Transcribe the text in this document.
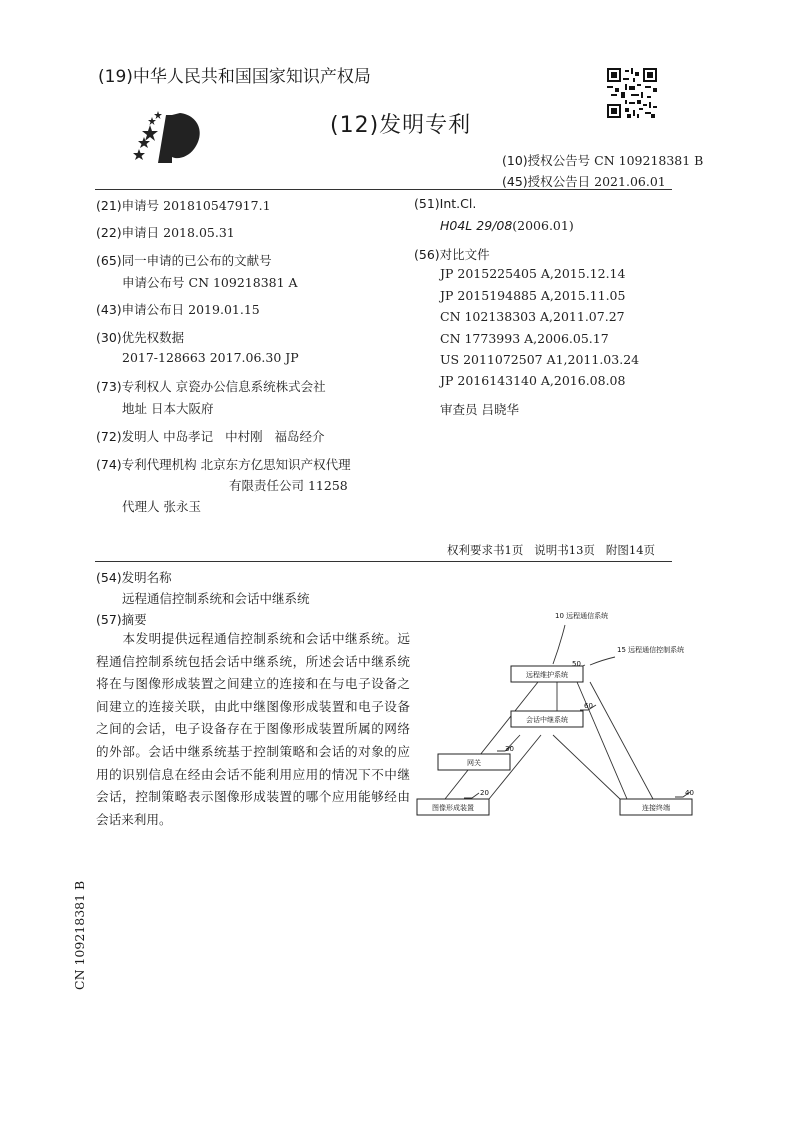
(19)中华人民共和国国家知识产权局
(12)发明专利
(10)授权公告号 CN 109218381 B
(45)授权公告日 2021.06.01
(21)申请号 201810547917.1
(22)申请日 2018.05.31
(65)同一申请的已公布的文献号
申请公布号 CN 109218381 A
(43)申请公布日 2019.01.15
(30)优先权数据
2017-128663 2017.06.30 JP
(73)专利权人 京瓷办公信息系统株式会社
地址 日本大阪府
(72)发明人 中岛孝记   中村刚   福岛经介
(74)专利代理机构 北京东方亿思知识产权代理
有限责任公司 11258
代理人 张永玉
(51)Int.Cl.
H04L 29/08(2006.01)
(56)对比文件
JP 2015225405 A,2015.12.14
JP 2015194885 A,2015.11.05
CN 102138303 A,2011.07.27
CN 1773993 A,2006.05.17
US 2011072507 A1,2011.03.24
JP 2016143140 A,2016.08.08
审查员 吕晓华
权利要求书1页   说明书13页   附图14页
(54)发明名称
远程通信控制系统和会话中继系统
(57)摘要
本发明提供远程通信控制系统和会话中继系统。远程通信控制系统包括会话中继系统，所述会话中继系统将在与图像形成装置之间建立的连接和在与电子设备之间建立的连接关联，由此中继图像形成装置和电子设备之间的会话，电子设备存在于图像形成装置所属的网络的外部。会话中继系统基于控制策略和会话的对象的应用的识别信息在经由会话不能利用应用的情况下不中继会话，控制策略表示图像形成装置的哪个应用能够经由会话来利用。
10 远程通信系统
15 远程通信控制系统
50
远程维护系统
60
会话中继系统
30
网关
20
图像形成装置
40
连接终端
CN 109218381 B
